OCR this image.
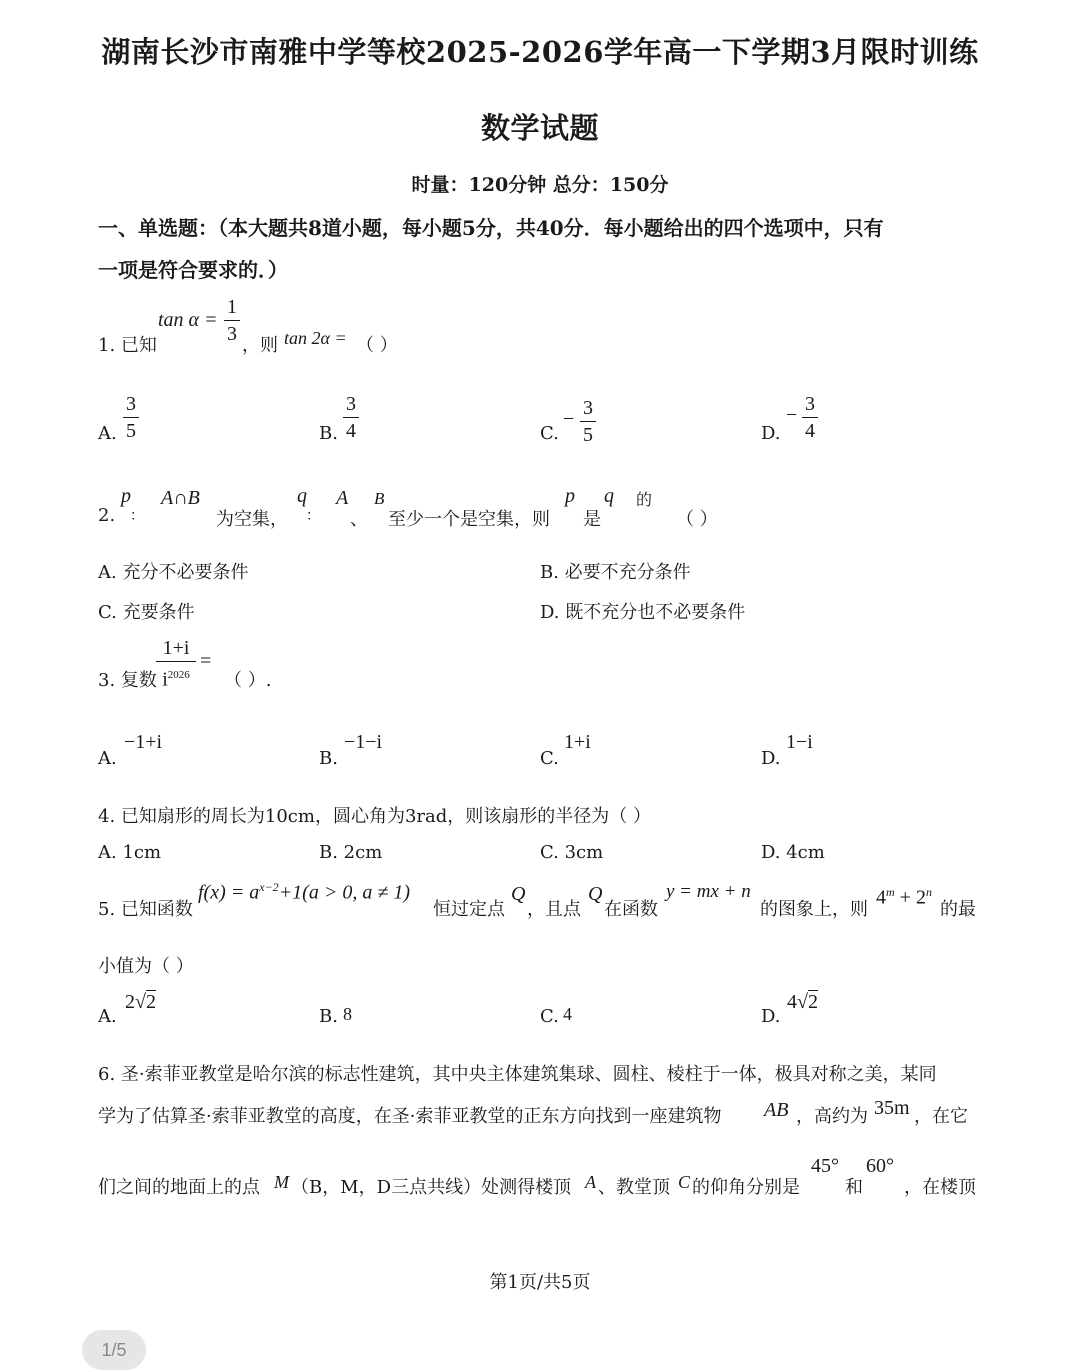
湖南长沙市南雅中学等校2025-2026学年高一下学期3月限时训练
数学试题
时量：120分钟 总分：150分
一、单选题：（本大题共8道小题，每小题5分，共40分．每小题给出的四个选项中，只有
一项是符合要求的．）
1. 已知
tan α =
1
3
，则 tan 2α = （ ）
A.
3
5	B.
3
4	C.
− 3
5	D.
− 3
4
2.
p
：
A∩B
为空集，
q
：
A
、
B
至少一个是空集，则
p
是
q 的
（ ）
A. 充分不必要条件	B. 必要不充分条件
C. 充要条件	D. 既不充分也不必要条件
3. 复数
1+i
$i^{2026}$
=
（ ）.
A.
−1+i
B.
−1−i
C.
1+i
D.
1−i
4. 已知扇形的周长为10cm，圆心角为3rad，则该扇形的半径为（ ）
A. 1cm	B. 2cm	C. 3cm	D. 4cm
5. 已知函数
$f(x) = a^{x-2}+1(a > 0$, a ≠ 1)
恒过定点
Q
，且点
Q
在函数
y = mx + n
的图象上，则
$4^m + 2^n$
的最
小值为（ ）
A.
2√2
B. 8	C. 4	D.
4√2
6. 圣·索菲亚教堂是哈尔滨的标志性建筑，其中央主体建筑集球、圆柱、棱柱于一体，极具对称之美，某同
学为了估算圣·索菲亚教堂的高度，在圣·索菲亚教堂的正东方向找到一座建筑物 AB ，高约为 35m ，在它
们之间的地面上的点 M （B，M，D三点共线）处测得楼顶 A 、教堂顶 C 的仰角分别是
45°
和
60°
，在楼顶
第1页/共5页
1/5
